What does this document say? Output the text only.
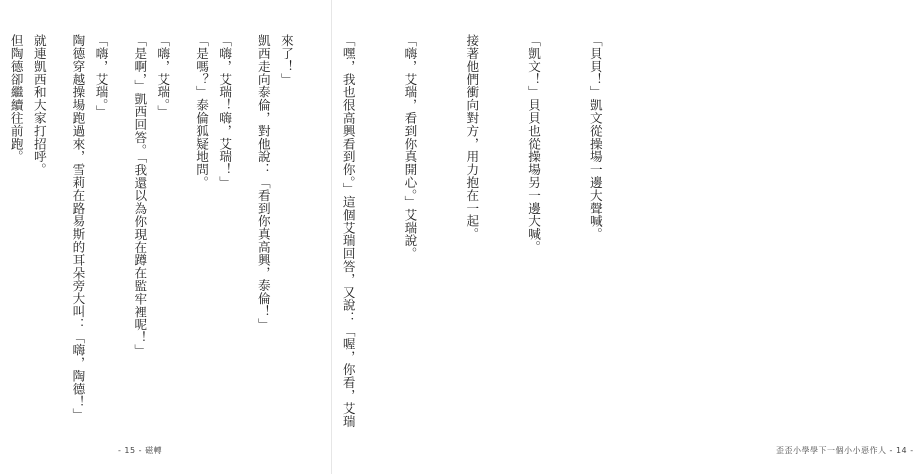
凱西走向泰倫，對他說：「看到你真高興，泰倫！」

「是嗎？」泰倫狐疑地問。

「是啊，」凱西回答。「我還以為你現在蹲在監牢裡呢！」

陶德穿越操場跑過來，雪莉在路易斯的耳朵旁大叫：「嗨，陶德！」

但陶德卻繼續往前跑。

- 15 - 磁轉

「貝貝！」凱文從操場一邊大聲喊。

「凱文！」貝貝也從操場另一邊大喊。

接著他們衝向對方，用力抱在一起。

「嗨，艾瑞，看到你真開心。」艾瑞說。

「嘿，我也很高興看到你。」這個艾瑞回答，又說：「喔，你看，艾瑞

來了！」

「嗨，艾瑞！嗨，艾瑞！」

「嗨，艾瑞。」

「嗨，艾瑞。」

就連凱西和大家打招呼。

歪歪小學學下一個小小惡作人 - 14 -
